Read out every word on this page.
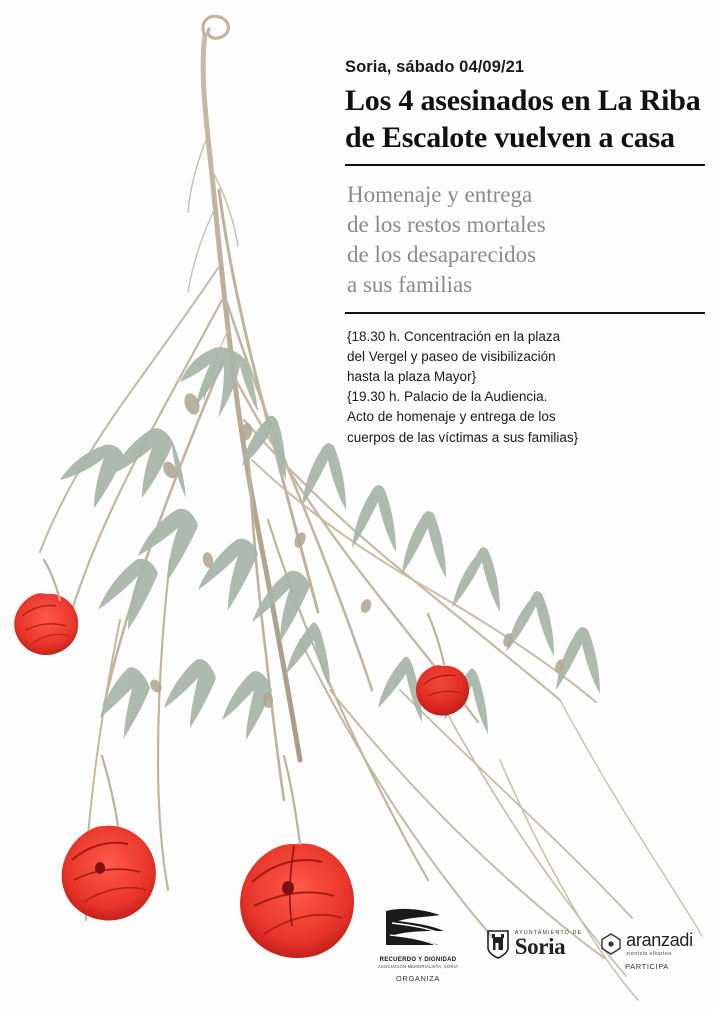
Soria, sábado 04/09/21
Los 4 asesinados en La Riba
de Escalote vuelven a casa
Homenaje y entrega
de los restos mortales
de los desaparecidos
a sus familias

{18.30 h. Concentración en la plaza

del Vergel y paseo de visibilización

hasta la plaza Mayor}

{19.30 h. Palacio de la Audiencia.

Acto de homenaje y entrega de los

cuerpos de las víctimas a sus familias}

RECUERDO Y DIGNIDAD
ASOCIACIÓN MEMORIALISTA, SORIA
ORGANIZA
AYUNTAMIENTO DE
Soria	aranzadi
zientzia elkartea
PARTICIPA
